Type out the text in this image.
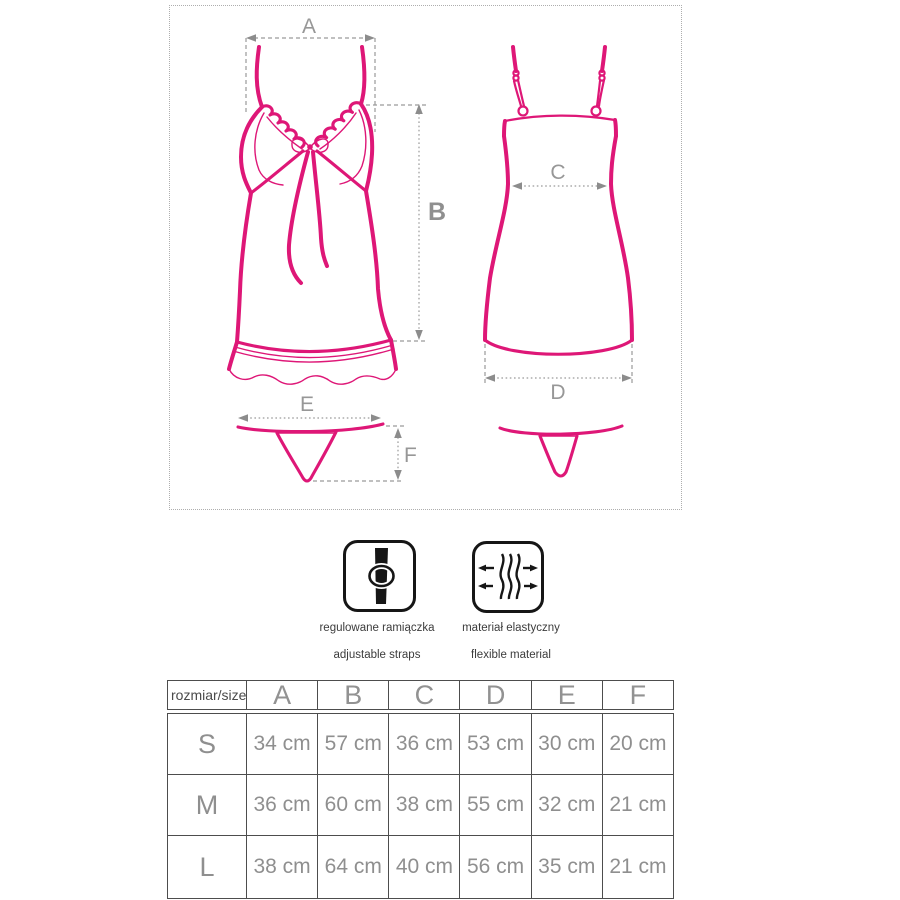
A
B
C
D
E
F
regulowane ramiączka
adjustable straps
materiał elastyczny
flexible material
rozmiar/size A	B	C	D	E	F
S	34 cm 57 cm 36 cm 53 cm 30 cm 20 cm
M	36 cm 60 cm 38 cm 55 cm 32 cm 21 cm
L	38 cm 64 cm 40 cm 56 cm 35 cm 21 cm
